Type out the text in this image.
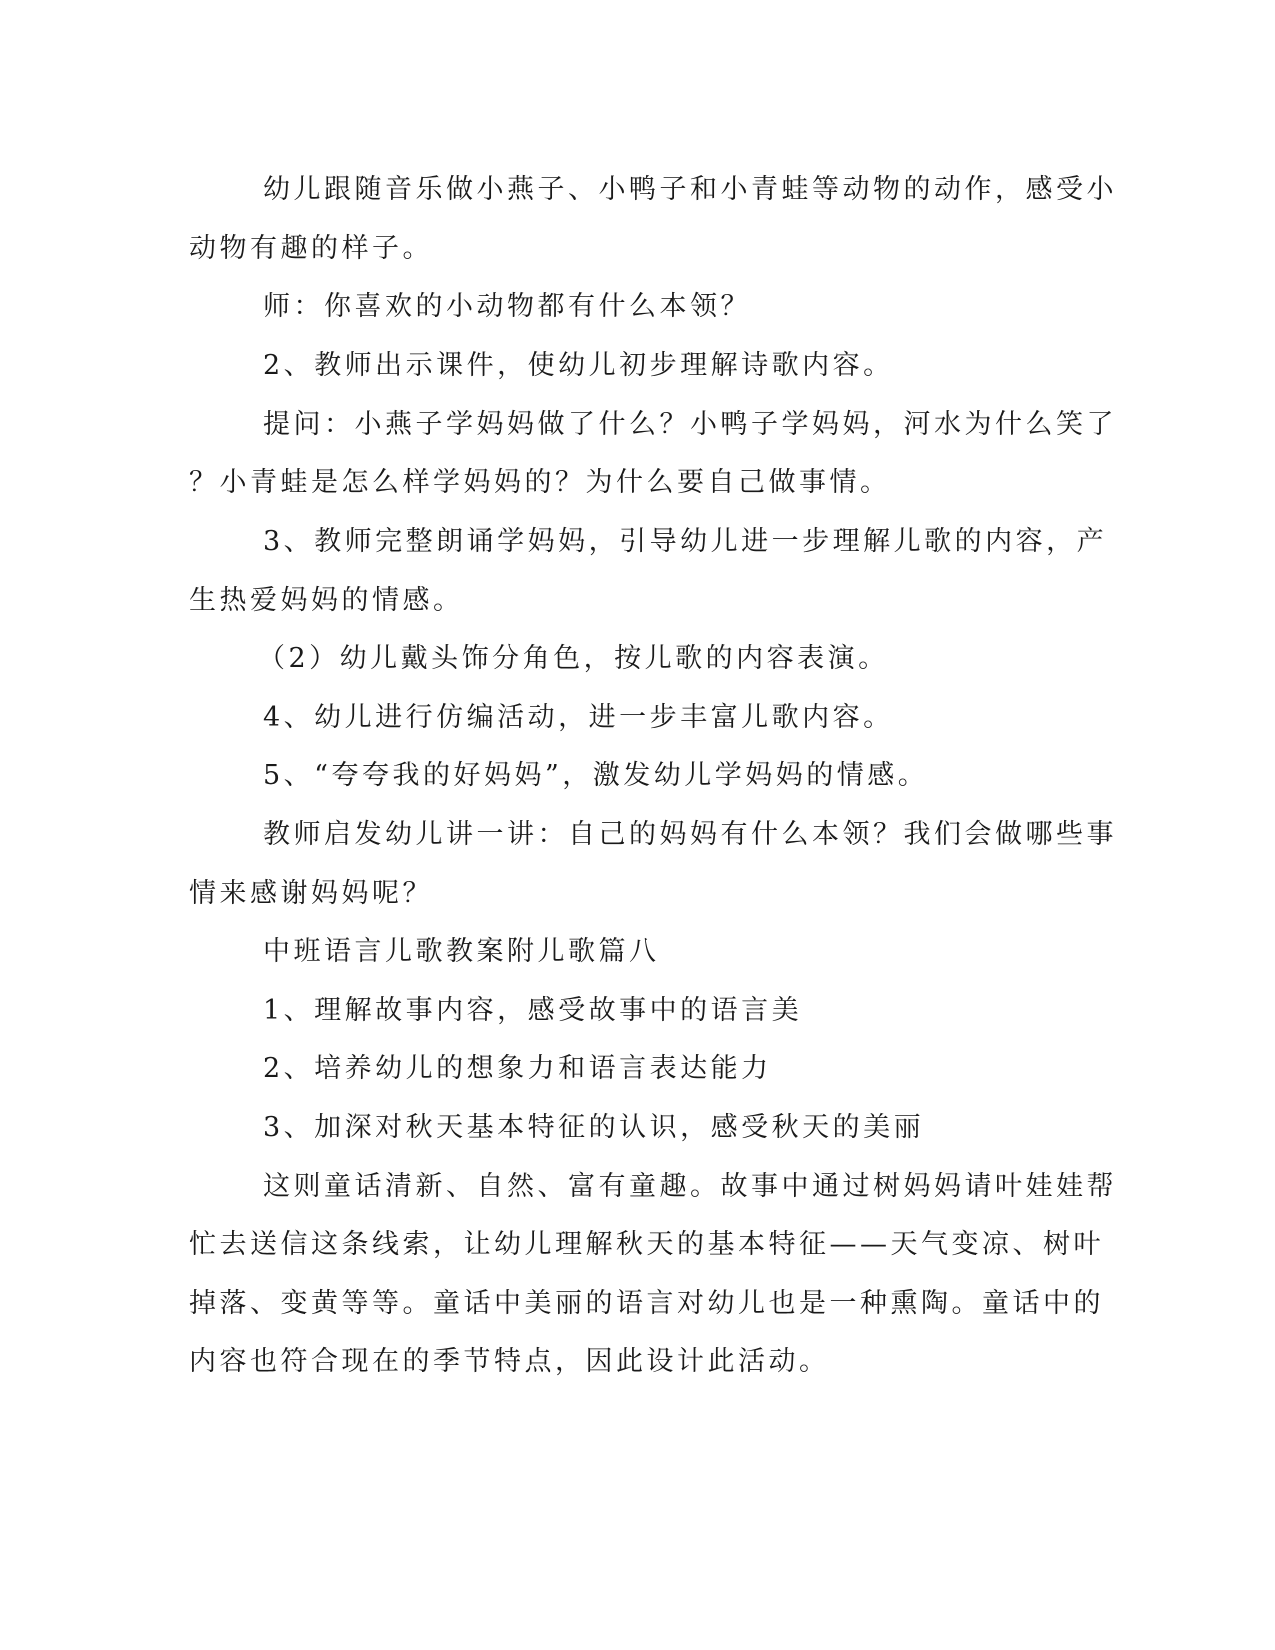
幼儿跟随音乐做小燕子、小鸭子和小青蛙等动物的动作，感受小
动物有趣的样子。
师：你喜欢的小动物都有什么本领？
2、教师出示课件，使幼儿初步理解诗歌内容。
提问：小燕子学妈妈做了什么？小鸭子学妈妈，河水为什么笑了
？小青蛙是怎么样学妈妈的？为什么要自己做事情。
3、教师完整朗诵学妈妈，引导幼儿进一步理解儿歌的内容，产
生热爱妈妈的情感。
（2）幼儿戴头饰分角色，按儿歌的内容表演。
4、幼儿进行仿编活动，进一步丰富儿歌内容。
5、“夸夸我的好妈妈”，激发幼儿学妈妈的情感。
教师启发幼儿讲一讲：自己的妈妈有什么本领？我们会做哪些事
情来感谢妈妈呢？
中班语言儿歌教案附儿歌篇八
1、理解故事内容，感受故事中的语言美
2、培养幼儿的想象力和语言表达能力
3、加深对秋天基本特征的认识，感受秋天的美丽
这则童话清新、自然、富有童趣。故事中通过树妈妈请叶娃娃帮
忙去送信这条线索，让幼儿理解秋天的基本特征——天气变凉、树叶
掉落、变黄等等。童话中美丽的语言对幼儿也是一种熏陶。童话中的
内容也符合现在的季节特点，因此设计此活动。
